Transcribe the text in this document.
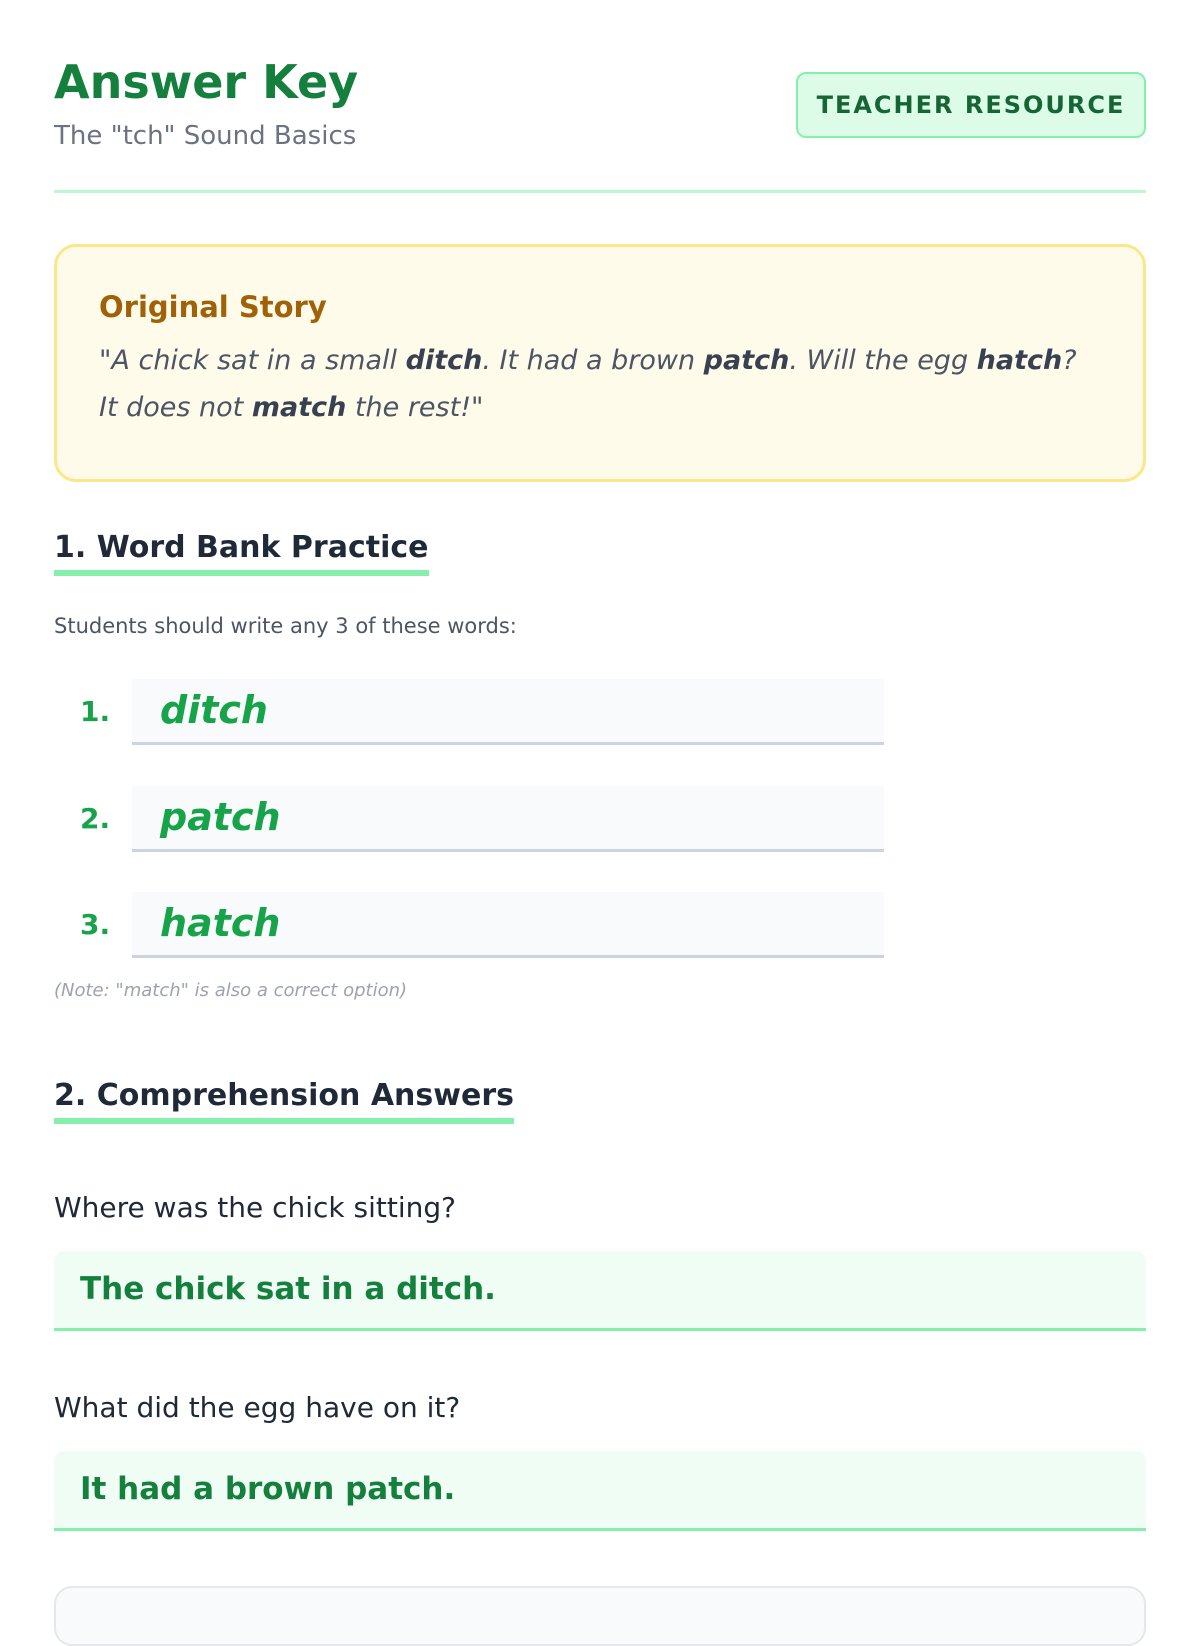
Answer Key

The "tch" Sound Basics

TEACHER RESOURCE
Original Story

"A chick sat in a small ditch. It had a brown patch. Will the egg hatch? It does not match the rest!"

1. Word Bank Practice

Students should write any 3 of these words:

1.	ditch
2.	patch
3.	hatch

(Note: "match" is also a correct option)

2. Comprehension Answers

Where was the chick sitting?

The chick sat in a ditch.

What did the egg have on it?

It had a brown patch.
